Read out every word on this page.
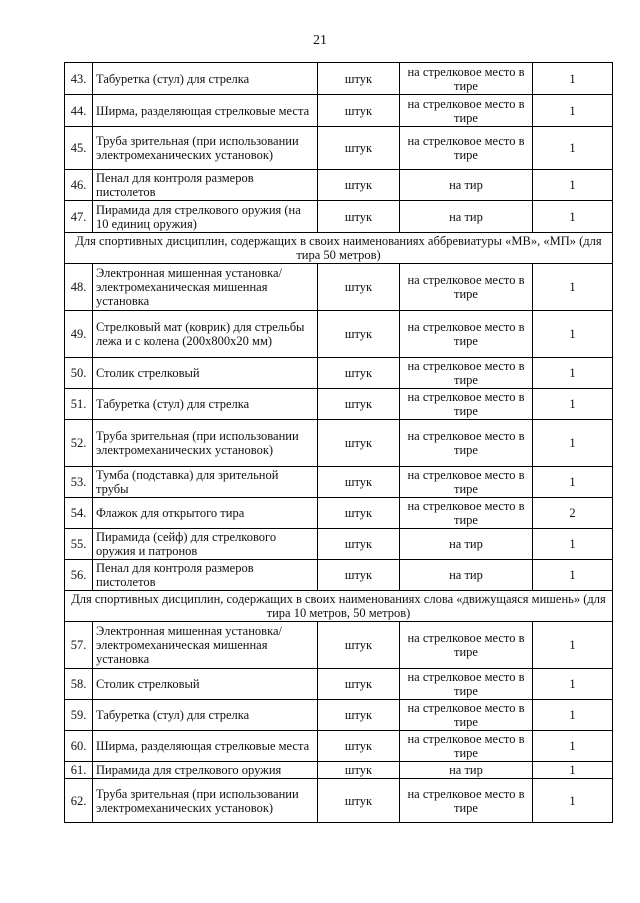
21
43.	Табуретка (стул) для стрелка	штук	на стрелковое место в тире	1
44.	Ширма, разделяющая стрелковые места	штук	на стрелковое место в тире	1
45.	Труба зрительная (при использовании электромеханических установок)	штук	на стрелковое место в тире	1
46.	Пенал для контроля размеров пистолетов	штук	на тир	1
47.	Пирамида для стрелкового оружия (на 10 единиц оружия)	штук	на тир	1
Для спортивных дисциплин, содержащих в своих наименованиях аббревиатуры «МВ», «МП» (для тира 50 метров)				
48.	Электронная мишенная установка/электромеханическая мишенная установка	штук	на стрелковое место в тире	1
49.	Стрелковый мат (коврик) для стрельбы лежа и с колена (200х800х20 мм)	штук	на стрелковое место в тире	1
50.	Столик стрелковый	штук	на стрелковое место в тире	1
51.	Табуретка (стул) для стрелка	штук	на стрелковое место в тире	1
52.	Труба зрительная (при использовании электромеханических установок)	штук	на стрелковое место в тире	1
53.	Тумба (подставка) для зрительной трубы	штук	на стрелковое место в тире	1
54.	Флажок для открытого тира	штук	на стрелковое место в тире	2
55.	Пирамида (сейф) для стрелкового оружия и патронов	штук	на тир	1
56.	Пенал для контроля размеров пистолетов	штук	на тир	1
Для спортивных дисциплин, содержащих в своих наименованиях слова «движущаяся мишень» (для тира 10 метров, 50 метров)				
57.	Электронная мишенная установка/электромеханическая мишенная установка	штук	на стрелковое место в тире	1
58.	Столик стрелковый	штук	на стрелковое место в тире	1
59.	Табуретка (стул) для стрелка	штук	на стрелковое место в тире	1
60.	Ширма, разделяющая стрелковые места	штук	на стрелковое место в тире	1
61.	Пирамида для стрелкового оружия	штук	на тир	1
62.	Труба зрительная (при использовании электромеханических установок)	штук	на стрелковое место в тире	1
